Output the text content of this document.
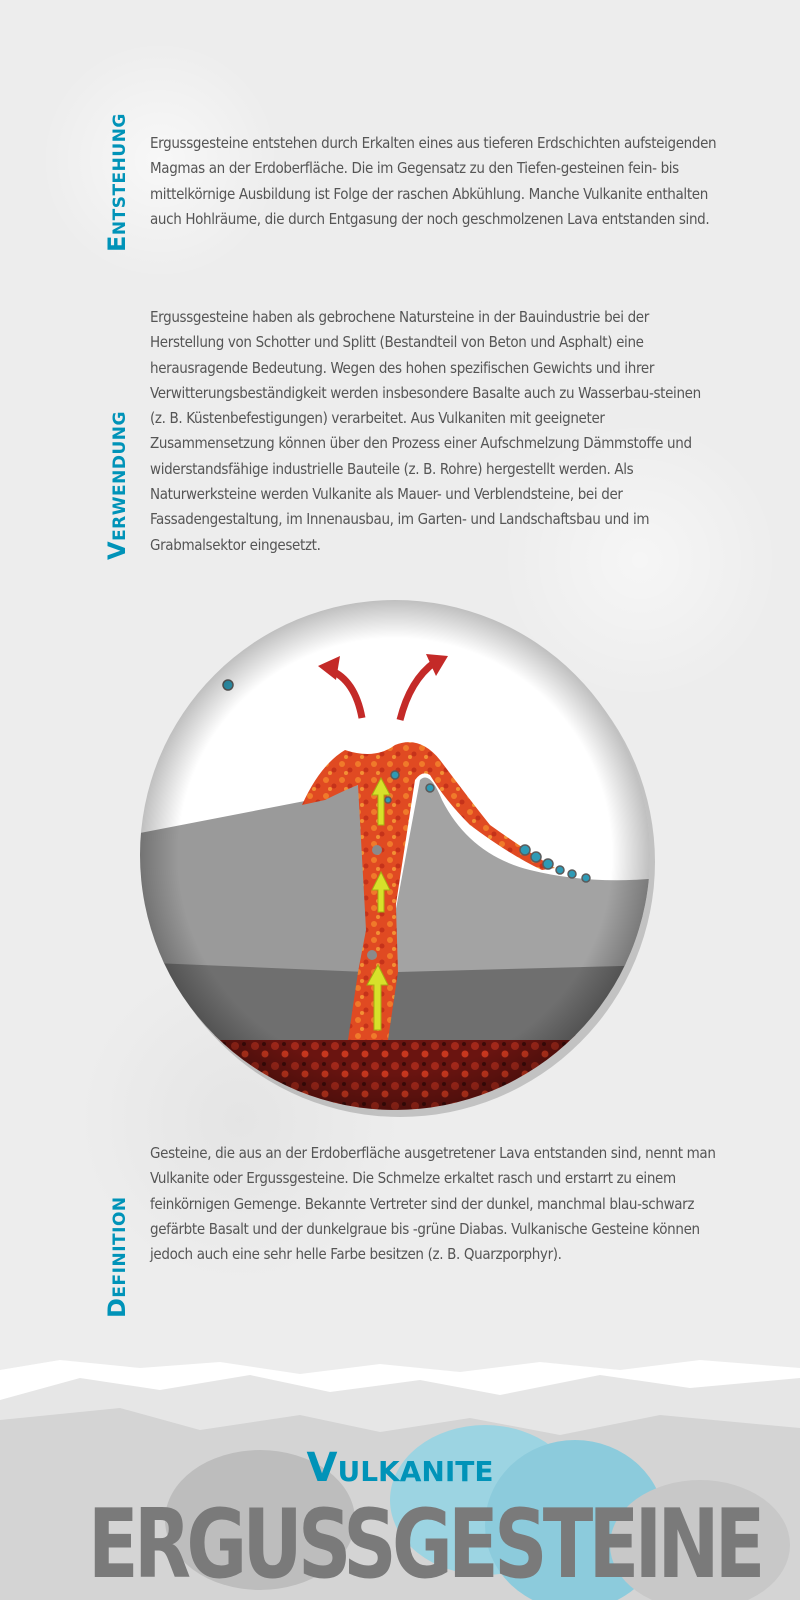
Entstehung Ergussgesteine entstehen durch Erkalten eines aus tieferen Erdschichten aufsteigenden Magmas an der Erdoberfläche. Die im Gegensatz zu den Tiefen-gesteinen fein- bis mittelkörnige Ausbildung ist Folge der raschen Abkühlung. Manche Vulkanite enthalten auch Hohlräume, die durch Entgasung der noch geschmolzenen Lava entstanden sind.
Verwendung
Ergussgesteine haben als gebrochene Natursteine in der Bauindustrie bei der Herstellung von Schotter und Splitt (Bestandteil von Beton und Asphalt) eine herausragende Bedeutung. Wegen des hohen spezifischen Gewichts und ihrer Verwitterungsbeständigkeit werden insbesondere Basalte auch zu Wasserbau-steinen (z. B. Küstenbefestigungen) verarbeitet. Aus Vulkaniten mit geeigneter Zusammensetzung können über den Prozess einer Aufschmelzung Dämmstoffe und widerstandsfähige industrielle Bauteile (z. B. Rohre) hergestellt werden. Als Naturwerksteine werden Vulkanite als Mauer- und Verblendsteine, bei der Fassadengestaltung, im Innenausbau, im Garten- und Landschaftsbau und im Grabmalsektor eingesetzt.
Definition
Gesteine, die aus an der Erdoberfläche ausgetretener Lava entstanden sind, nennt man Vulkanite oder Ergussgesteine. Die Schmelze erkaltet rasch und erstarrt zu einem feinkörnigen Gemenge. Bekannte Vertreter sind der dunkel, manchmal blau-schwarz gefärbte Basalt und der dunkelgraue bis -grüne Diabas. Vulkanische Gesteine können jedoch auch eine sehr helle Farbe besitzen (z. B. Quarzporphyr).
Vulkanite
ERGUSSGESTEINE
